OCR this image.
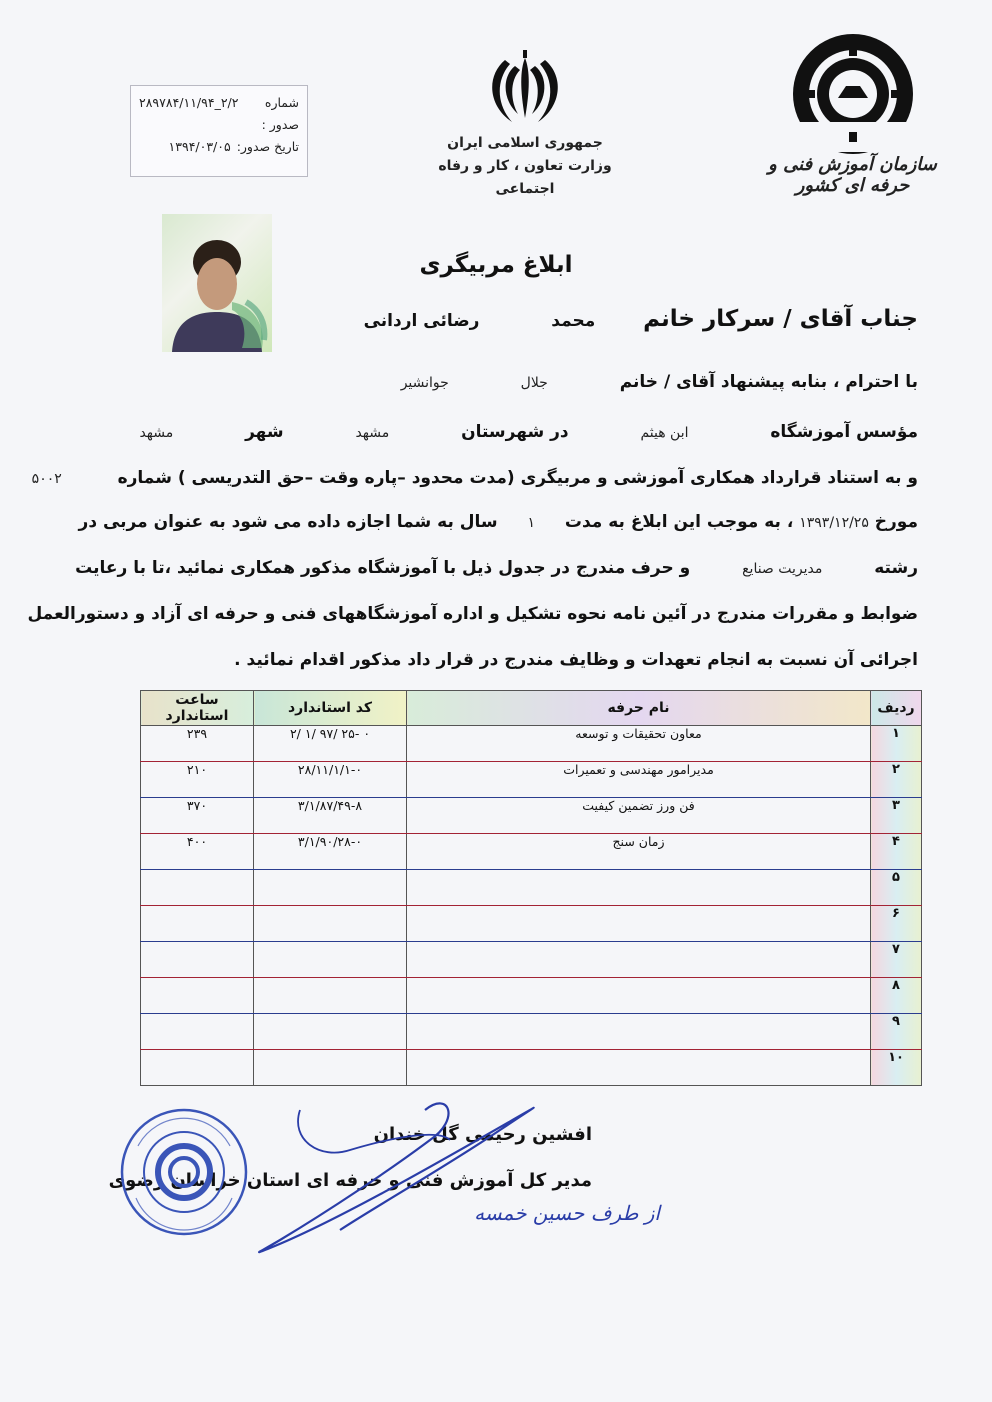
شماره صدور :
۲/۲_۲۸۹۷۸۴/۱۱/۹۴
تاریخ صدور:
۱۳۹۴/۰۳/۰۵	جمهوری اسلامی ایران
وزارت تعاون ، کار و رفاه اجتماعی
سازمان آموزش فنی و حرفه ای کشور
ابلاغ مربیگری
جناب آقای / سرکار خانم  محمد  رضائی اردانی
با احترام ، بنابه پیشنهاد آقای / خانم  جلال  جوانشیر
مؤسس آموزشگاه  ابن هیثم  در شهرستان  مشهد  شهر  مشهد
و به استناد قرارداد همکاری آموزشی و مربیگری (مدت محدود –پاره وقت –حق التدریسی ) شماره  ۵۰۰۲
مورخ ۱۳۹۳/۱۲/۲۵ ، به موجب این ابلاغ به مدت  ۱  سال به شما اجازه داده می شود به عنوان مربی در
رشته  مدیریت صنایع  و حرف مندرج در جدول ذیل با آموزشگاه مذکور همکاری نمائید ،تا با رعایت
ضوابط و مقررات مندرج در آئین نامه نحوه تشکیل و اداره آموزشگاههای فنی و حرفه ای آزاد و دستورالعمل
اجرائی آن نسبت به انجام تعهدات و وظایف مندرج در قرار داد مذکور اقدام نمائید .
ردیف	نام حرفه	کد استاندارد	ساعت استاندارد
۱	معاون تحقیقات و توسعه	۰ -۲۵ /۹۷ /۱ /۲	۲۳۹
۲	مدیرامور مهندسی و تعمیرات	۲۸/۱۱/۱/۱-۰	۲۱۰
۳	فن ورز تضمین کیفیت	۳/۱/۸۷/۴۹-۸	۳۷۰
۴	زمان سنج	۳/۱/۹۰/۲۸-۰	۴۰۰
۵			
۶			
۷			
۸			
۹			
۱۰			
افشین رحیمی گل خندان
مدیر کل آموزش فنی و حرفه ای استان خراسان رضوی
از طرف حسین خمسه
